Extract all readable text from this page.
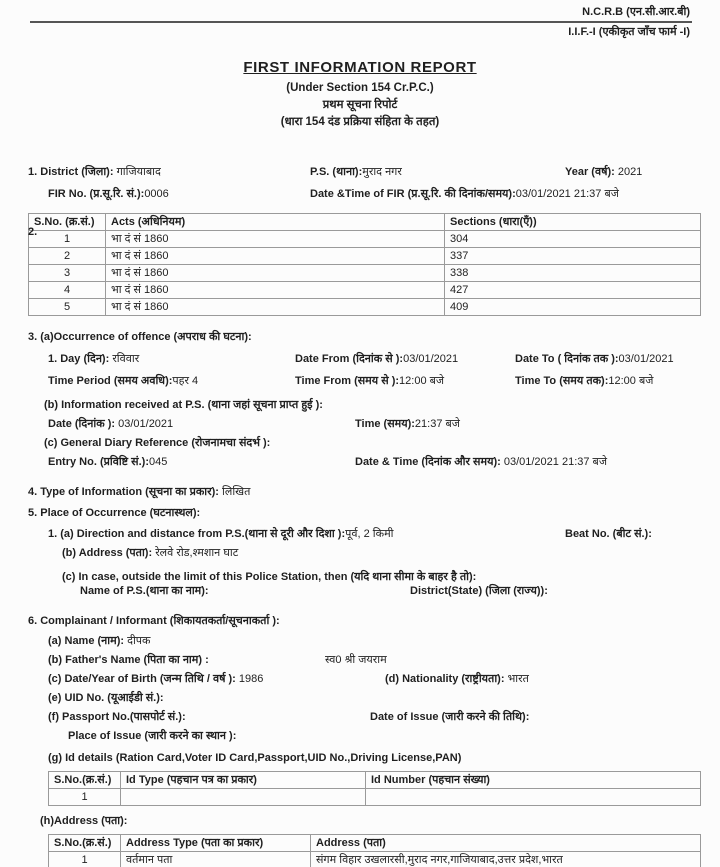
N.C.R.B (एन.सी.आर.बी)
I.I.F.-I (एकीकृत जाँच फार्म -I)
FIRST INFORMATION REPORT
(Under Section 154 Cr.P.C.)
प्रथम सूचना रिपोर्ट
(धारा 154 दंड प्रक्रिया संहिता के तहत)
1. District (जिला): गाजियाबाद	P.S. (थाना):मुराद नगर	Year (वर्ष): 2021
FIR No. (प्र.सू.रि. सं.):0006	Date &Time of FIR (प्र.सू.रि. की दिनांक/समय):03/01/2021 21:37 बजे
2.
S.No. (क्र.सं.)	Acts (अधिनियम)	Sections (धारा(एँ))
1	भा दं सं 1860	304
2	भा दं सं 1860	337
3	भा दं सं 1860	338
4	भा दं सं 1860	427
5	भा दं सं 1860	409
3. (a)Occurrence of offence (अपराध की घटना):
1. Day (दिन): रविवार	Date From (दिनांक से ):03/01/2021	Date To ( दिनांक तक ):03/01/2021
Time Period (समय अवधि):पहर 4	Time From (समय से ):12:00 बजे	Time To (समय तक):12:00 बजे
(b) Information received at P.S. (थाना जहां सूचना प्राप्त हुई ):
Date (दिनांक ): 03/01/2021	Time (समय):21:37 बजे
(c) General Diary Reference (रोजनामचा संदर्भ ):
Entry No. (प्रविष्टि सं.):045	Date & Time (दिनांक और समय): 03/01/2021 21:37 बजे
4. Type of Information (सूचना का प्रकार):
लिखित
5. Place of Occurrence (घटनास्थल):
1. (a) Direction and distance from P.S.(थाना से दूरी और दिशा ):पूर्व, 2 किमी	Beat No. (बीट सं.):
(b) Address (पता):
रेलवे रोड,श्मशान घाट
(c) In case, outside the limit of this Police Station, then (यदि थाना सीमा के बाहर है तो):
Name of P.S.(थाना का नाम):	District(State) (जिला (राज्य)):
6. Complainant / Informant (शिकायतकर्ता/सूचनाकर्ता ):
(a) Name (नाम):
दीपक
(b) Father's Name (पिता का नाम) :	स्व0 श्री जयराम
(c) Date/Year of Birth (जन्म तिथि / वर्ष ): 1986	(d) Nationality (राष्ट्रीयता): भारत
(e) UID No. (यूआईडी सं.):
(f) Passport No.(पासपोर्ट सं.):	Date of Issue (जारी करने की तिथि):
Place of Issue (जारी करने का स्थान ):
(g) Id details (Ration Card,Voter ID Card,Passport,UID No.,Driving License,PAN)
S.No.(क्र.सं.)	Id Type (पहचान पत्र का प्रकार)	Id Number (पहचान संख्या)
1		
(h)Address (पता):
S.No.(क्र.सं.)	Address Type (पता का प्रकार)	Address (पता)
1	वर्तमान पता	संगम विहार उखलारसी,मुराद नगर,गाजियाबाद,उत्तर प्रदेश,भारत
